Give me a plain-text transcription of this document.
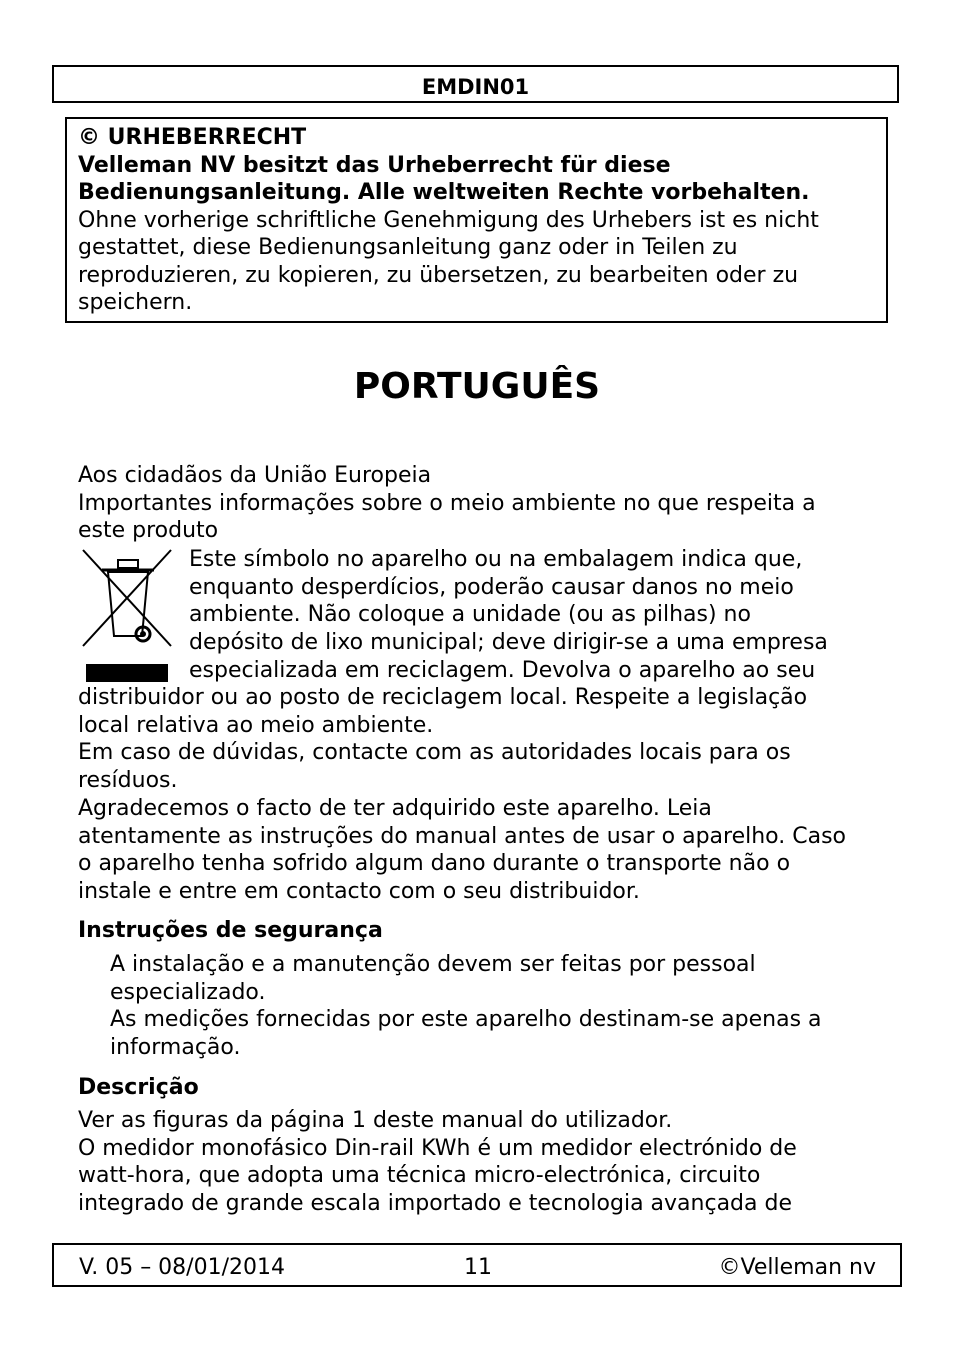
EMDIN01
© URHEBERRECHT
Velleman NV besitzt das Urheberrecht für diese
Bedienungsanleitung. Alle weltweiten Rechte vorbehalten.
Ohne vorherige schriftliche Genehmigung des Urhebers ist es nicht
gestattet, diese Bedienungsanleitung ganz oder in Teilen zu
reproduzieren, zu kopieren, zu übersetzen, zu bearbeiten oder zu
speichern.
PORTUGUÊS
Aos cidadãos da União Europeia
Importantes informações sobre o meio ambiente no que respeita a
este produto
Este símbolo no aparelho ou na embalagem indica que,
enquanto desperdícios, poderão causar danos no meio
ambiente. Não coloque a unidade (ou as pilhas) no
depósito de lixo municipal; deve dirigir-se a uma empresa
especializada em reciclagem. Devolva o aparelho ao seu
distribuidor ou ao posto de reciclagem local. Respeite a legislação
local relativa ao meio ambiente.
Em caso de dúvidas, contacte com as autoridades locais para os
resíduos.
Agradecemos o facto de ter adquirido este aparelho. Leia
atentamente as instruções do manual antes de usar o aparelho. Caso
o aparelho tenha sofrido algum dano durante o transporte não o
instale e entre em contacto com o seu distribuidor.
Instruções de segurança
A instalação e a manutenção devem ser feitas por pessoal
especializado.
As medições fornecidas por este aparelho destinam-se apenas a
informação.
Descrição
Ver as figuras da página 1 deste manual do utilizador.
O medidor monofásico Din-rail KWh é um medidor electrónido de
watt-hora, que adopta uma técnica micro-electrónica, circuito
integrado de grande escala importado e tecnologia avançada de
V. 05 – 08/01/2014	11	©Velleman nv
